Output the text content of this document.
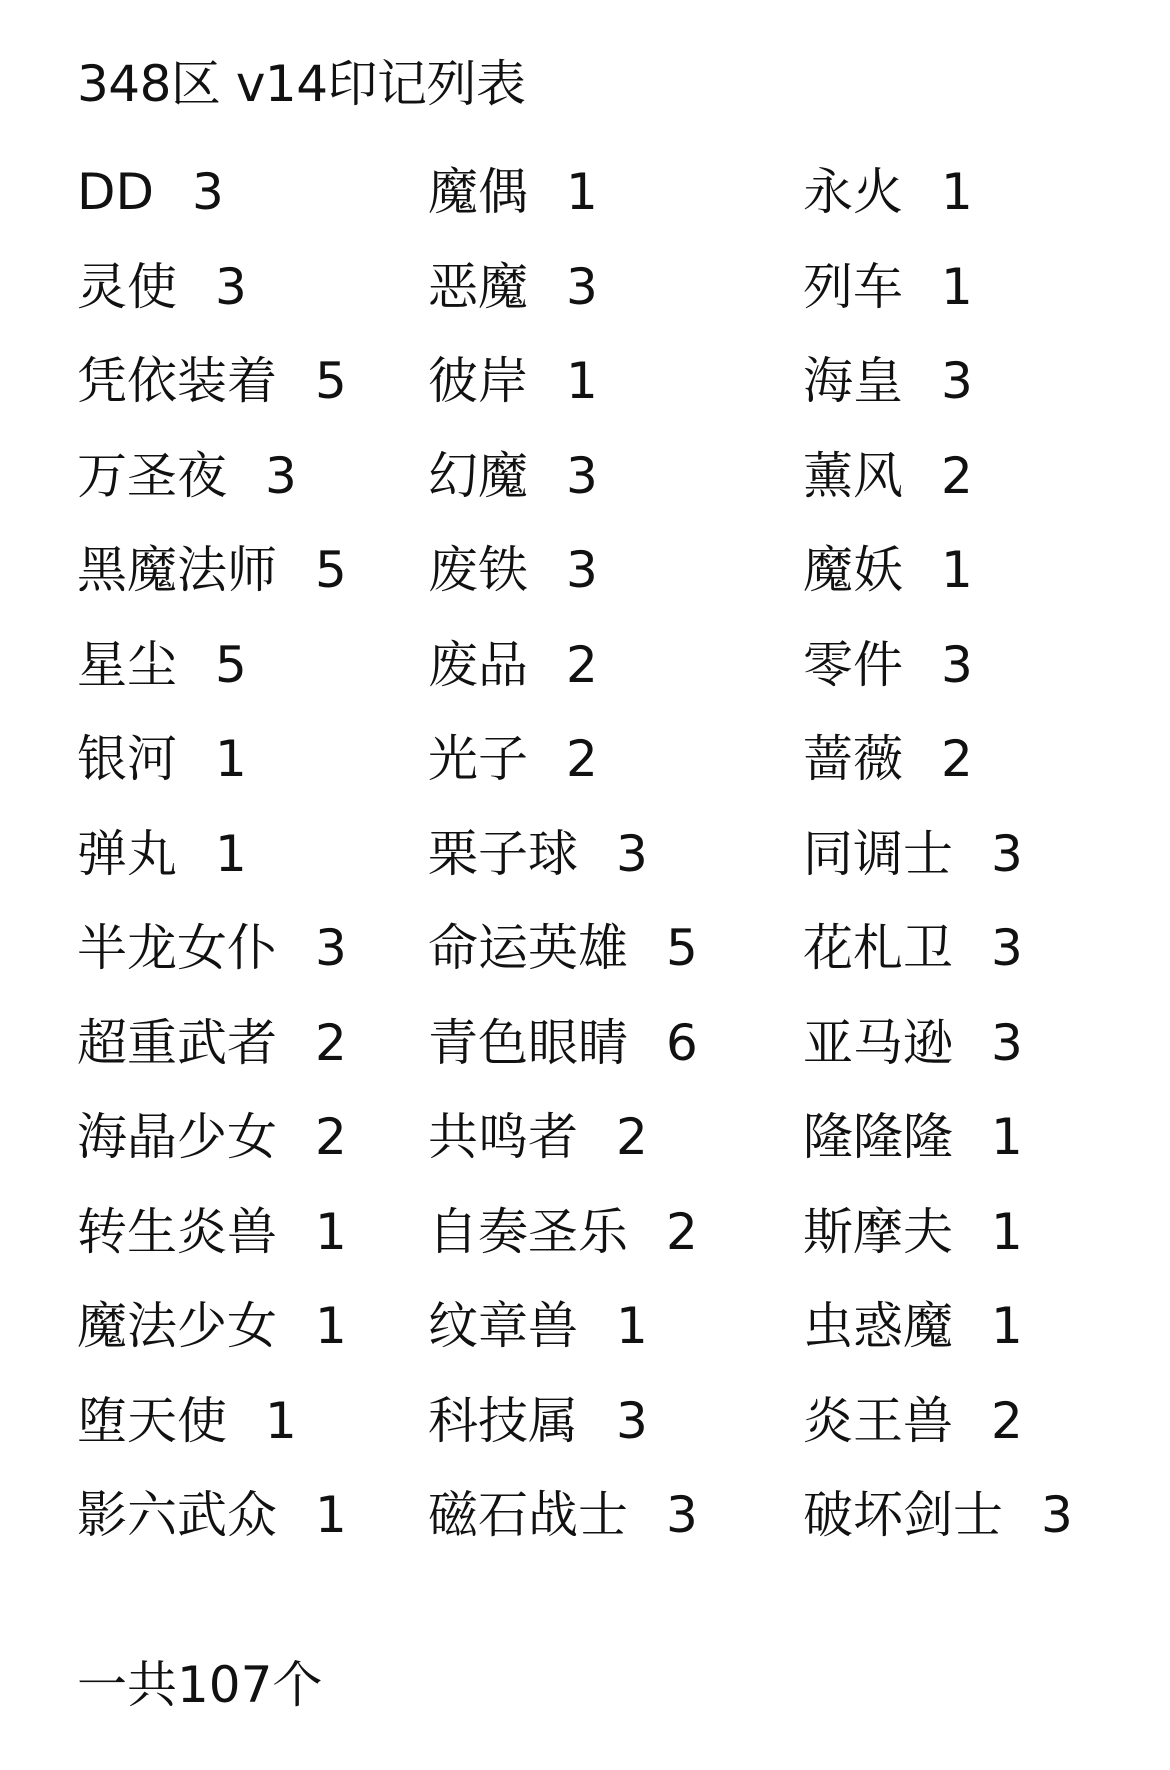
348区 v14印记列表
DD 3	魔偶 1	永火 1
灵使 3	恶魔 3	列车 1
凭依装着 5 彼岸 1	海皇 3
万圣夜 3	幻魔 3	薰风 2
黑魔法师 5 废铁 3	魔妖 1
星尘 5	废品 2	零件 3
银河 1	光子 2	蔷薇 2
弹丸 1	栗子球 3	同调士 3
半龙女仆 3 命运英雄 5 花札卫 3
超重武者 2 青色眼睛 6 亚马逊 3
海晶少女 2 共鸣者 2	隆隆隆 1
转生炎兽 1 自奏圣乐 2 斯摩夫 1
魔法少女 1 纹章兽 1	虫惑魔 1
堕天使 1	科技属 3	炎王兽 2
影六武众 1 磁石战士 3 破坏剑士 3
一共107个
